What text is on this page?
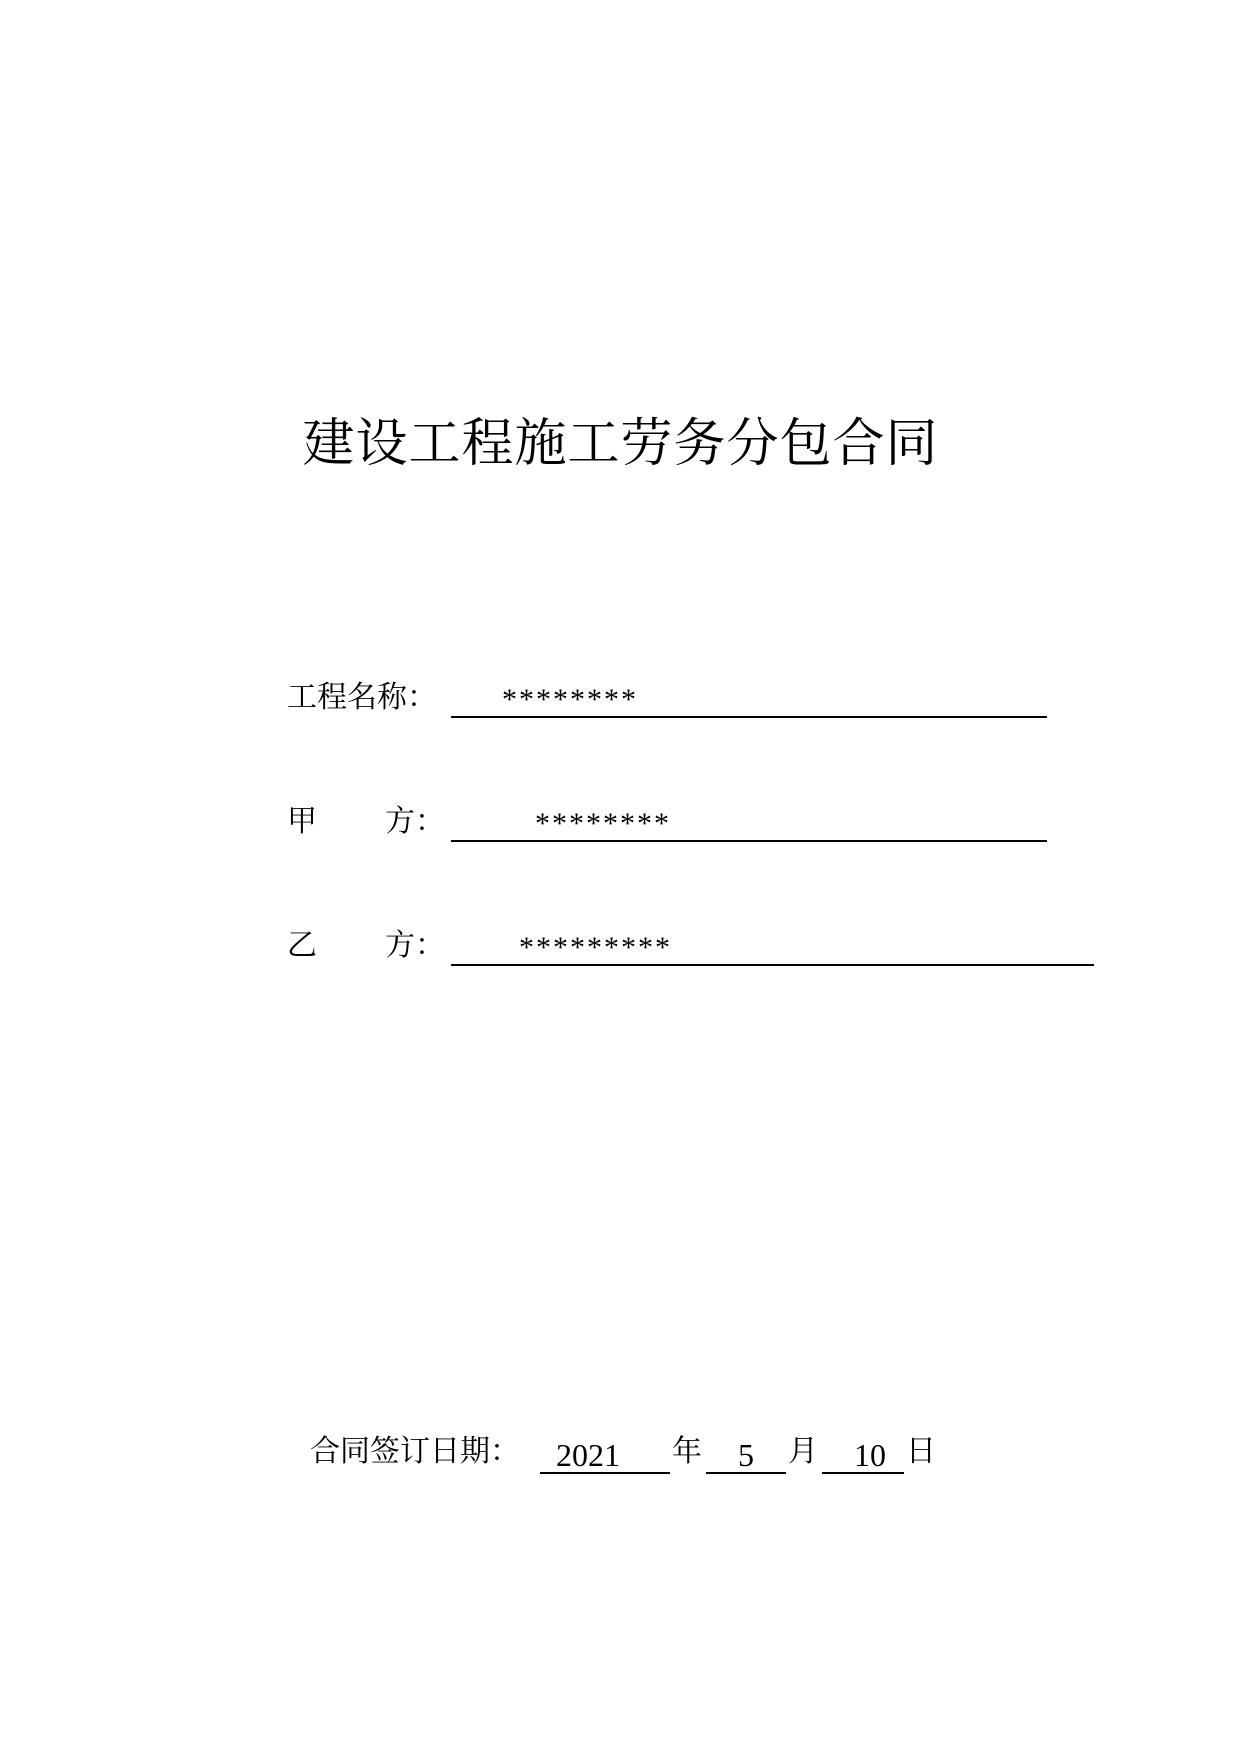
建设工程施工劳务分包合同
工程名称： ********
甲 方：	********
乙 方： *********
合同签订日期： 2021 年 5 月 10 日
